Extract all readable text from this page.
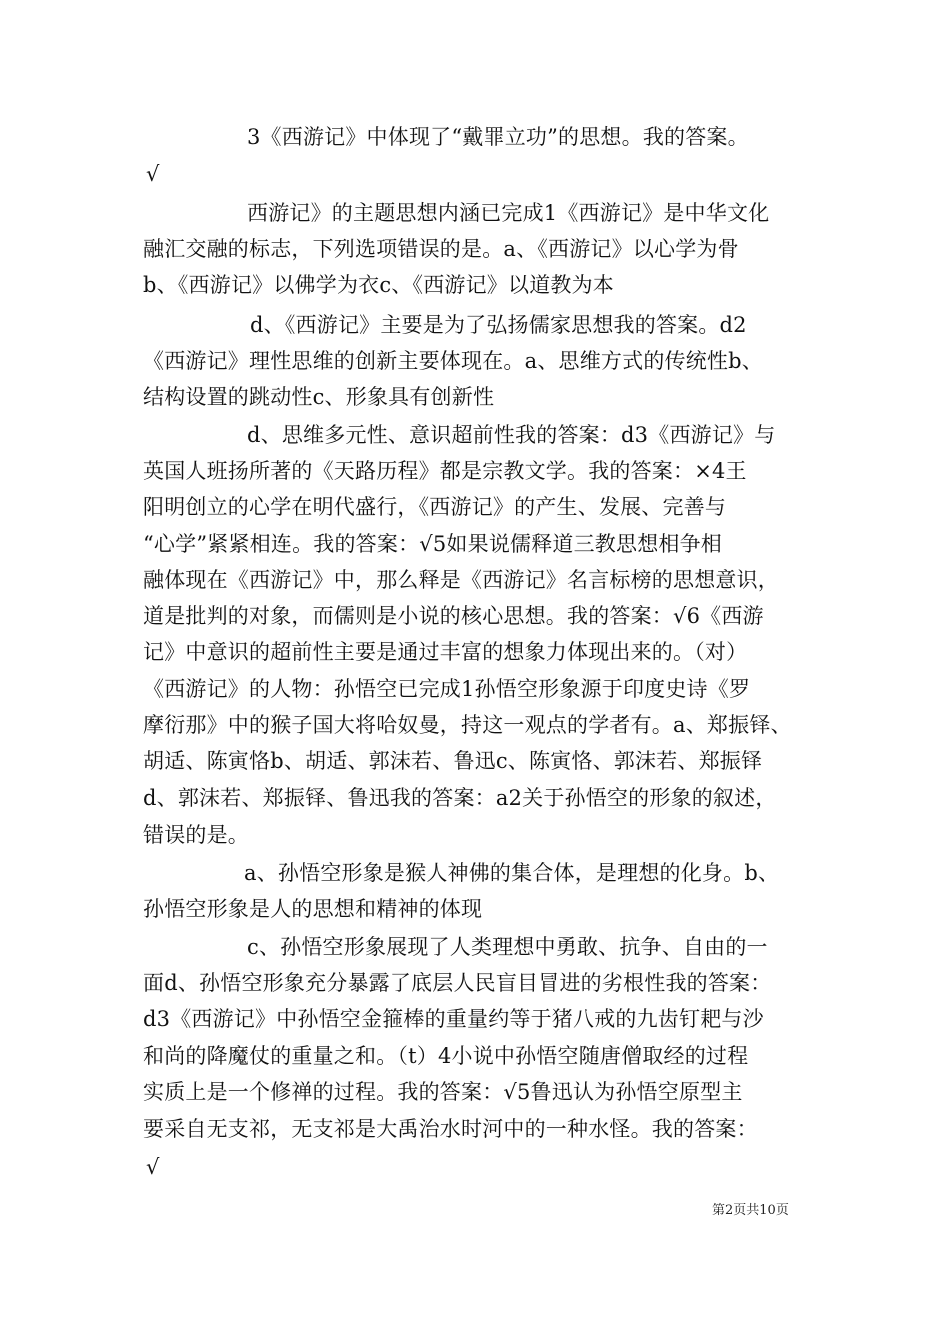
3《西游记》中体现了“戴罪立功”的思想。我的答案。
√
西游记》的主题思想内涵已完成1《西游记》是中华文化
融汇交融的标志，下列选项错误的是。a、《西游记》以心学为骨
b、《西游记》以佛学为衣c、《西游记》以道教为本
d、《西游记》主要是为了弘扬儒家思想我的答案。d2
《西游记》理性思维的创新主要体现在。a、思维方式的传统性b、
结构设置的跳动性c、形象具有创新性
d、思维多元性、意识超前性我的答案：d3《西游记》与
英国人班扬所著的《天路历程》都是宗教文学。我的答案：×4王
阳明创立的心学在明代盛行，《西游记》的产生、发展、完善与
“心学”紧紧相连。我的答案：√5如果说儒释道三教思想相争相
融体现在《西游记》中，那么释是《西游记》名言标榜的思想意识，
道是批判的对象，而儒则是小说的核心思想。我的答案：√6《西游
记》中意识的超前性主要是通过丰富的想象力体现出来的。（对）
《西游记》的人物：孙悟空已完成1孙悟空形象源于印度史诗《罗
摩衍那》中的猴子国大将哈奴曼，持这一观点的学者有。a、郑振铎、
胡适、陈寅恪b、胡适、郭沫若、鲁迅c、陈寅恪、郭沫若、郑振铎
d、郭沫若、郑振铎、鲁迅我的答案：a2关于孙悟空的形象的叙述，
错误的是。
a、孙悟空形象是猴人神佛的集合体，是理想的化身。b、
孙悟空形象是人的思想和精神的体现
c、孙悟空形象展现了人类理想中勇敢、抗争、自由的一
面d、孙悟空形象充分暴露了底层人民盲目冒进的劣根性我的答案：
d3《西游记》中孙悟空金箍棒的重量约等于猪八戒的九齿钉耙与沙
和尚的降魔仗的重量之和。（t）4小说中孙悟空随唐僧取经的过程
实质上是一个修禅的过程。我的答案：√5鲁迅认为孙悟空原型主
要采自无支祁，无支祁是大禹治水时河中的一种水怪。我的答案：
√
第2页共10页
